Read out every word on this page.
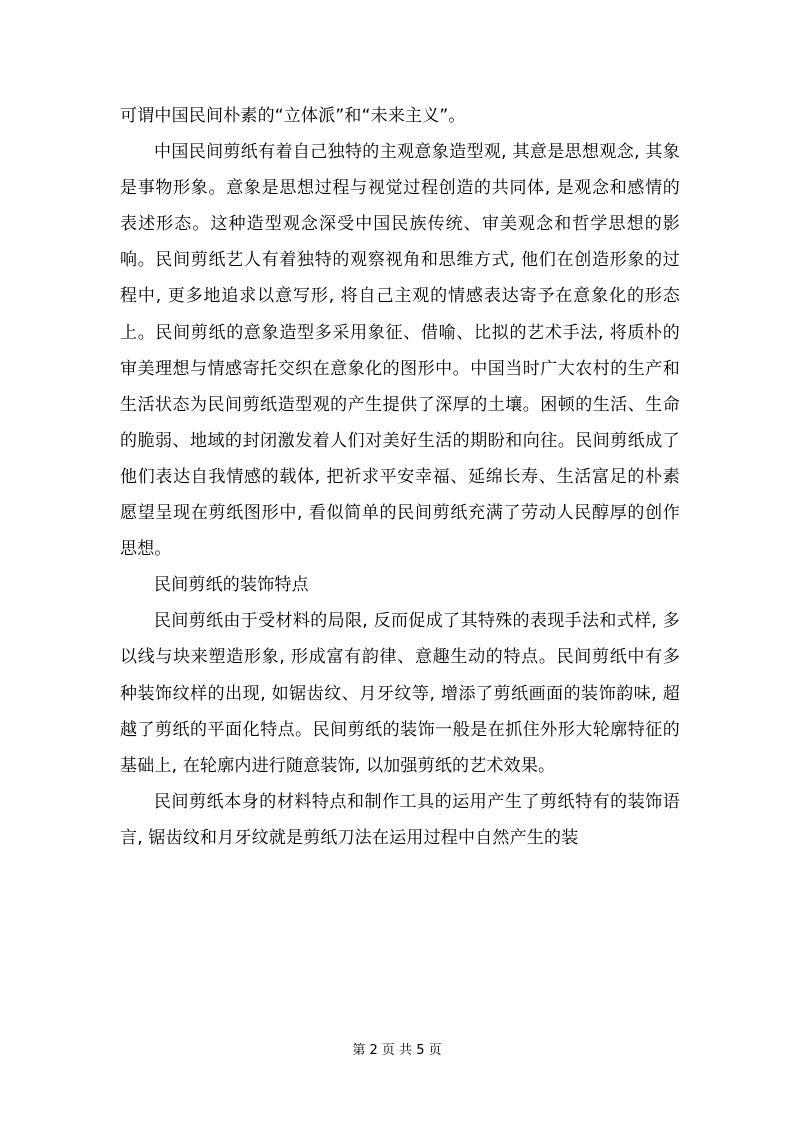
可谓中国民间朴素的“立体派”和“未来主义”。

中国民间剪纸有着自己独特的主观意象造型观, 其意是思想观念, 其象是事物形象。意象是思想过程与视觉过程创造的共同体, 是观念和感情的表述形态。这种造型观念深受中国民族传统、审美观念和哲学思想的影响。民间剪纸艺人有着独特的观察视角和思维方式, 他们在创造形象的过程中, 更多地追求以意写形, 将自己主观的情感表达寄予在意象化的形态上。民间剪纸的意象造型多采用象征、借喻、比拟的艺术手法, 将质朴的审美理想与情感寄托交织在意象化的图形中。中国当时广大农村的生产和生活状态为民间剪纸造型观的产生提供了深厚的土壤。困顿的生活、生命的脆弱、地域的封闭激发着人们对美好生活的期盼和向往。民间剪纸成了他们表达自我情感的载体, 把祈求平安幸福、延绵长寿、生活富足的朴素愿望呈现在剪纸图形中, 看似简单的民间剪纸充满了劳动人民醇厚的创作思想。

民间剪纸的装饰特点

民间剪纸由于受材料的局限, 反而促成了其特殊的表现手法和式样, 多以线与块来塑造形象, 形成富有韵律、意趣生动的特点。民间剪纸中有多种装饰纹样的出现, 如锯齿纹、月牙纹等, 增添了剪纸画面的装饰韵味, 超越了剪纸的平面化特点。民间剪纸的装饰一般是在抓住外形大轮廓特征的基础上, 在轮廓内进行随意装饰, 以加强剪纸的艺术效果。

民间剪纸本身的材料特点和制作工具的运用产生了剪纸特有的装饰语言, 锯齿纹和月牙纹就是剪纸刀法在运用过程中自然产生的装

第 2 页 共 5 页
